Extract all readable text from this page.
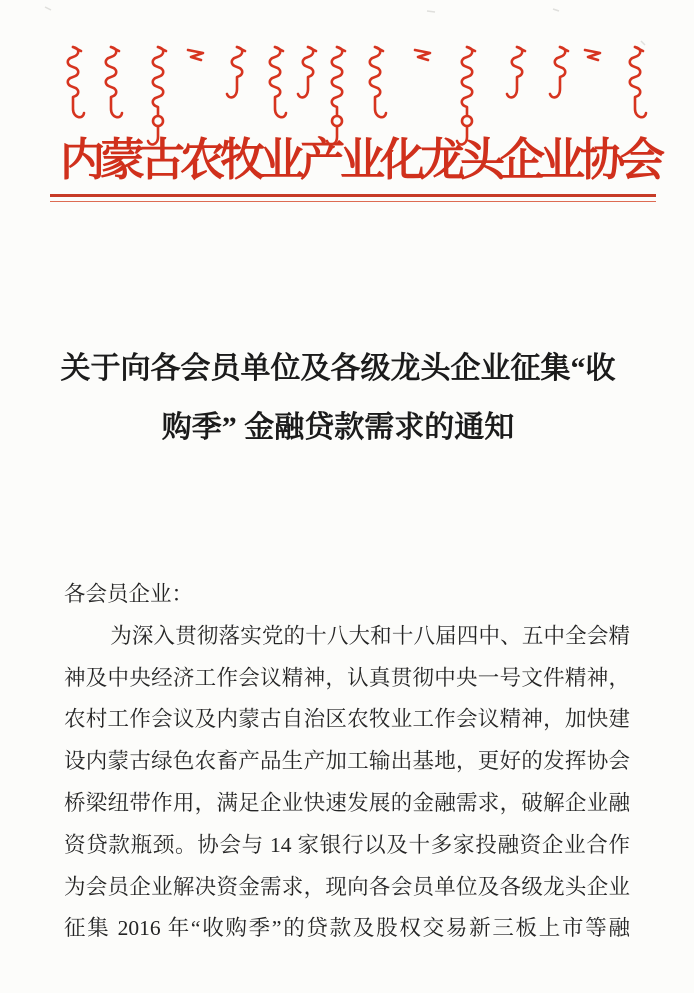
内蒙古农牧业产业化龙头企业协会
关于向各会员单位及各级龙头企业征集“收
购季” 金融贷款需求的通知
各会员企业：
为深入贯彻落实党的十八大和十八届四中、五中全会精
神及中央经济工作会议精神，认真贯彻中央一号文件精神，
农村工作会议及内蒙古自治区农牧业工作会议精神，加快建
设内蒙古绿色农畜产品生产加工输出基地，更好的发挥协会
桥梁纽带作用，满足企业快速发展的金融需求，破解企业融
资贷款瓶颈。协会与 14 家银行以及十多家投融资企业合作
为会员企业解决资金需求，现向各会员单位及各级龙头企业
征集 2016 年“收购季”的贷款及股权交易新三板上市等融
